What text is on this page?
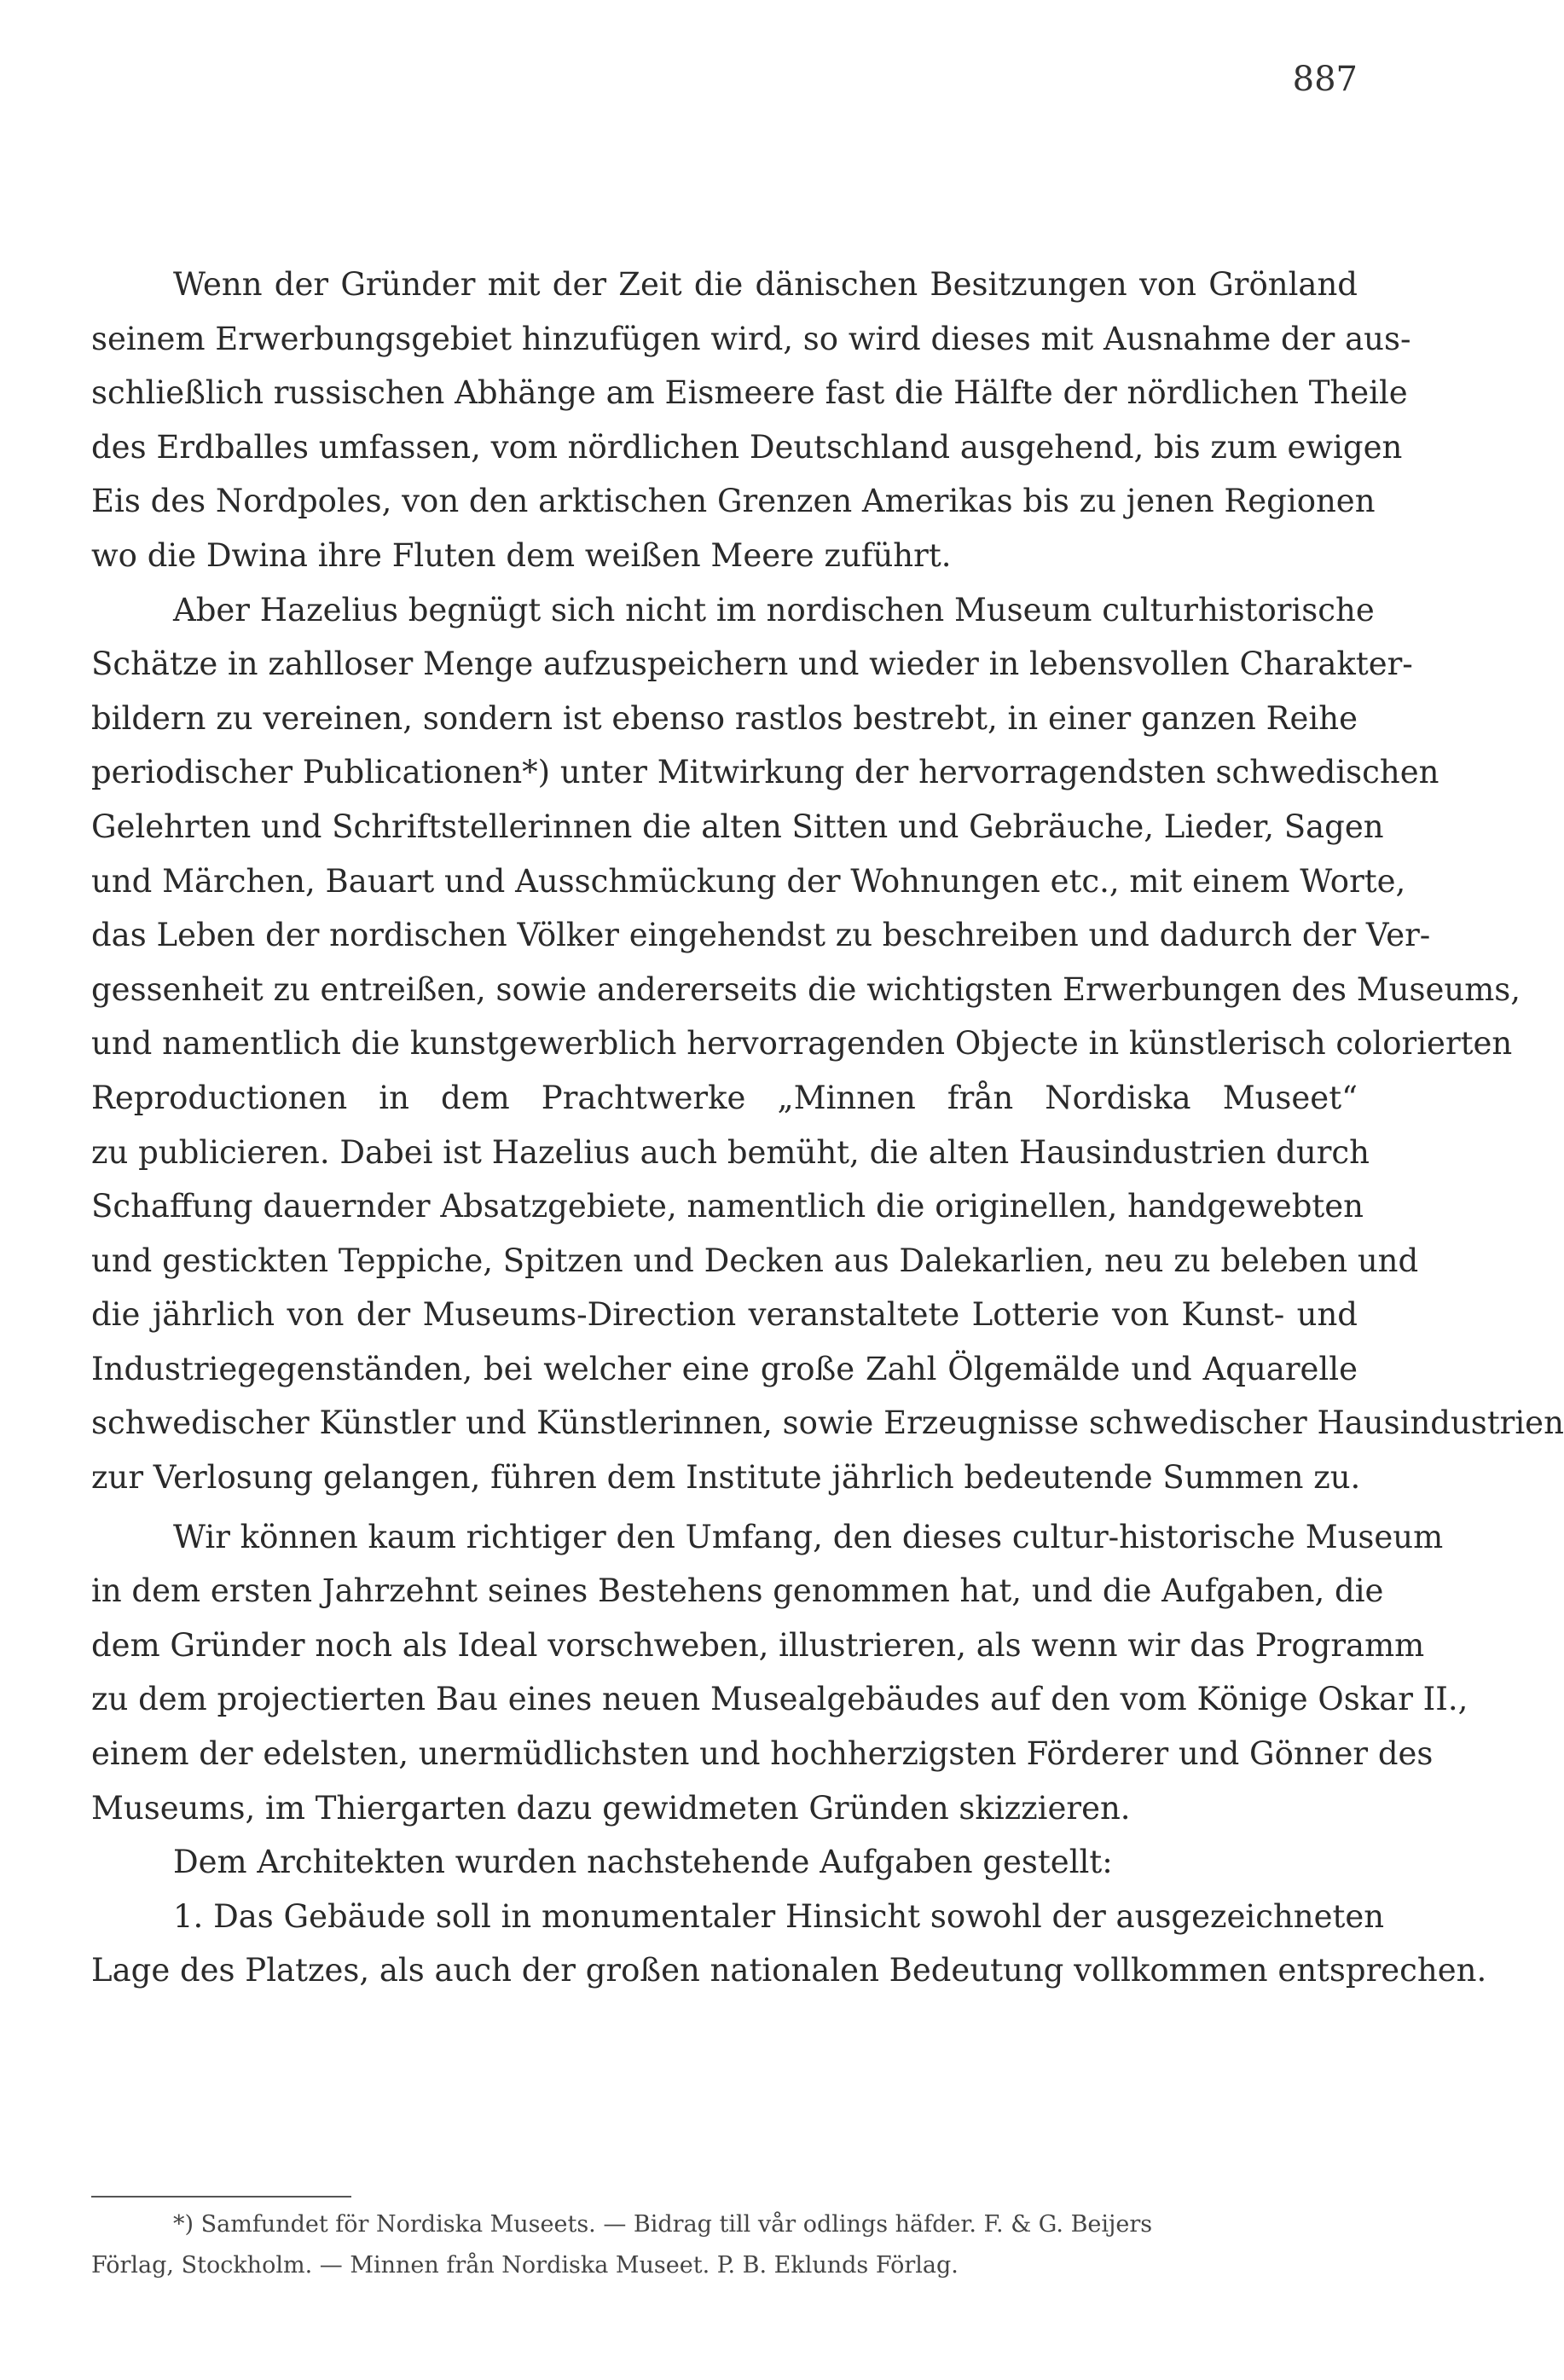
887
Wenn der Gründer mit der Zeit die dänischen Besitzungen von Grönland
seinem Erwerbungsgebiet hinzufügen wird, so wird dieses mit Ausnahme der aus-
schließlich russischen Abhänge am Eismeere fast die Hälfte der nördlichen Theile
des Erdballes umfassen, vom nördlichen Deutschland ausgehend, bis zum ewigen
Eis des Nordpoles, von den arktischen Grenzen Amerikas bis zu jenen Regionen
wo die Dwina ihre Fluten dem weißen Meere zuführt.
Aber Hazelius begnügt sich nicht im nordischen Museum culturhistorische
Schätze in zahlloser Menge aufzuspeichern und wieder in lebensvollen Charakter-
bildern zu vereinen, sondern ist ebenso rastlos bestrebt, in einer ganzen Reihe
periodischer Publicationen*) unter Mitwirkung der hervorragendsten schwedischen
Gelehrten und Schriftstellerinnen die alten Sitten und Gebräuche, Lieder, Sagen
und Märchen, Bauart und Ausschmückung der Wohnungen etc., mit einem Worte,
das Leben der nordischen Völker eingehendst zu beschreiben und dadurch der Ver-
gessenheit zu entreißen, sowie andererseits die wichtigsten Erwerbungen des Museums,
und namentlich die kunstgewerblich hervorragenden Objecte in künstlerisch colorierten
Reproductionen in dem Prachtwerke „Minnen från Nordiska Museet“
zu publicieren. Dabei ist Hazelius auch bemüht, die alten Hausindustrien durch
Schaffung dauernder Absatzgebiete, namentlich die originellen, handgewebten
und gestickten Teppiche, Spitzen und Decken aus Dalekarlien, neu zu beleben und
die jährlich von der Museums-Direction veranstaltete Lotterie von Kunst- und
Industriegegenständen, bei welcher eine große Zahl Ölgemälde und Aquarelle
schwedischer Künstler und Künstlerinnen, sowie Erzeugnisse schwedischer Hausindustrien
zur Verlosung gelangen, führen dem Institute jährlich bedeutende Summen zu.
Wir können kaum richtiger den Umfang, den dieses cultur-historische Museum
in dem ersten Jahrzehnt seines Bestehens genommen hat, und die Aufgaben, die
dem Gründer noch als Ideal vorschweben, illustrieren, als wenn wir das Programm
zu dem projectierten Bau eines neuen Musealgebäudes auf den vom Könige Oskar II.,
einem der edelsten, unermüdlichsten und hochherzigsten Förderer und Gönner des
Museums, im Thiergarten dazu gewidmeten Gründen skizzieren.
Dem Architekten wurden nachstehende Aufgaben gestellt:
1. Das Gebäude soll in monumentaler Hinsicht sowohl der ausgezeichneten
Lage des Platzes, als auch der großen nationalen Bedeutung vollkommen entsprechen.
*) Samfundet för Nordiska Museets. — Bidrag till vår odlings häfder. F. & G. Beijers
Förlag, Stockholm. — Minnen från Nordiska Museet. P. B. Eklunds Förlag.
